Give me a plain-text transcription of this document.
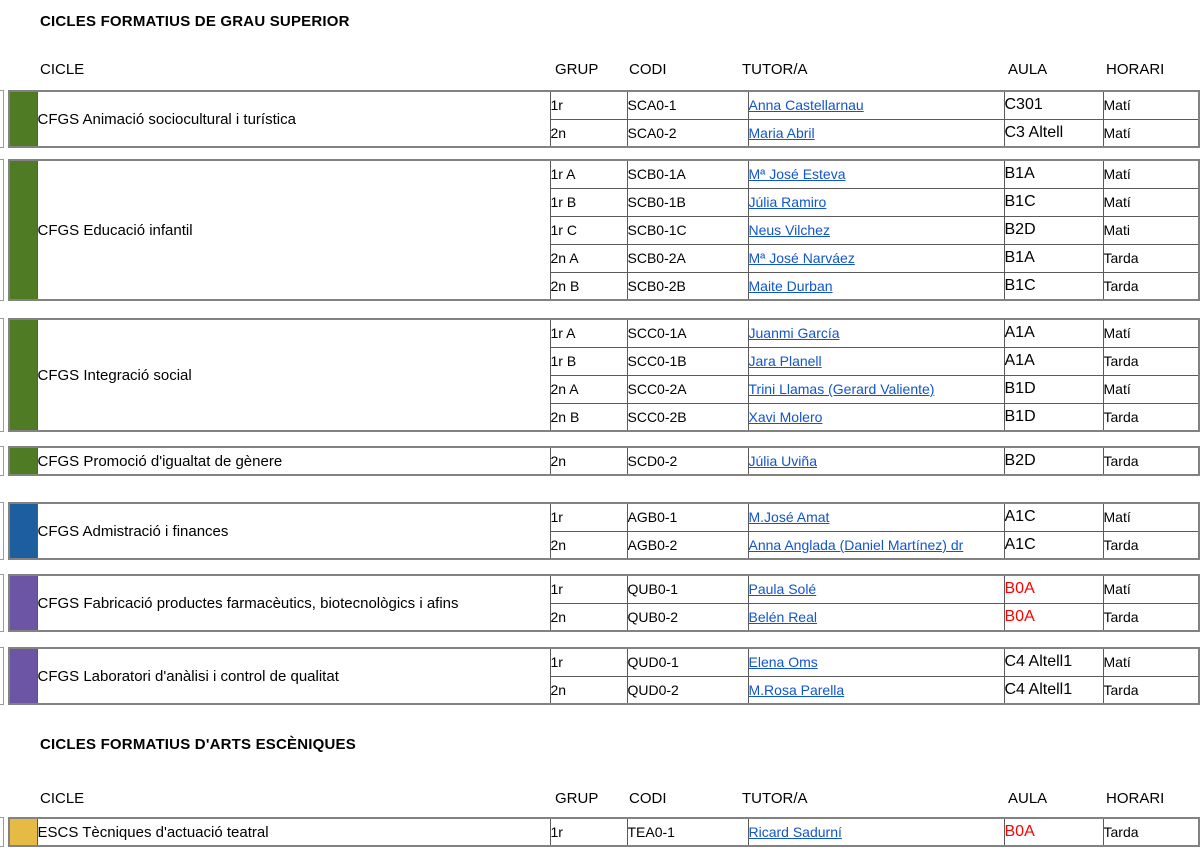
CICLES FORMATIUS DE GRAU SUPERIOR
CICLE	GRUP CODI	TUTOR/A	AULA	HORARI
	CFGS Animació sociocultural i turística	1r	SCA0-1	Anna Castellarnau	C301	Matí
		2n	SCA0-2	Maria Abril	C3 Altell	Matí
	CFGS Educació infantil	1r A	SCB0-1A	Mª José Esteva	B1A	Matí
		1r B	SCB0-1B	Júlia Ramiro	B1C	Matí
		1r C	SCB0-1C	Neus Vilchez	B2D	Mati
		2n A	SCB0-2A	Mª José Narváez	B1A	Tarda
		2n B	SCB0-2B	Maite Durban	B1C	Tarda
	CFGS Integració social	1r A	SCC0-1A	Juanmi García	A1A	Matí
		1r B	SCC0-1B	Jara Planell	A1A	Tarda
		2n A	SCC0-2A	Trini Llamas (Gerard Valiente)	B1D	Matí
		2n B	SCC0-2B	Xavi Molero	B1D	Tarda
	CFGS Promoció d'igualtat de gènere	2n	SCD0-2	Júlia Uviña	B2D	Tarda
	CFGS Admistració i finances	1r	AGB0-1	M.José Amat	A1C	Matí
		2n	AGB0-2	Anna Anglada (Daniel Martínez) dr	A1C	Tarda
	CFGS Fabricació productes farmacèutics, biotecnològics i afins	1r	QUB0-1	Paula Solé	B0A	Matí
		2n	QUB0-2	Belén Real	B0A	Tarda
	CFGS Laboratori d'anàlisi i control de qualitat	1r	QUD0-1	Elena Oms	C4 Altell1	Matí
		2n	QUD0-2	M.Rosa Parella	C4 Altell1	Tarda
CICLES FORMATIUS D'ARTS ESCÈNIQUES
CICLE	GRUP CODI	TUTOR/A	AULA	HORARI
	ESCS Tècniques d'actuació teatral	1r	TEA0-1	Ricard Sadurní	B0A	Tarda
